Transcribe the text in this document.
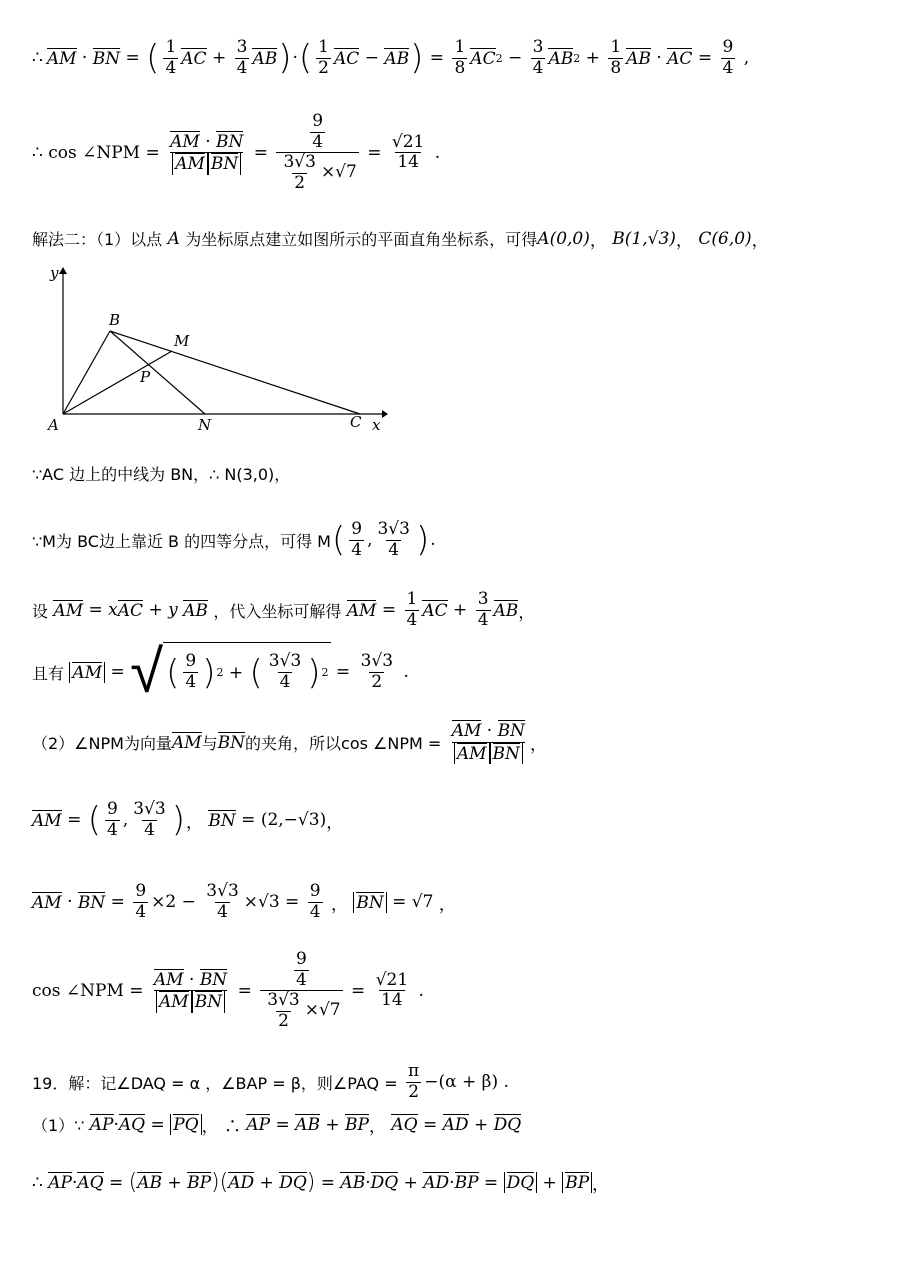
∴ AM · BN = ( $\frac{1}{4}$ AC + $\frac{3}{4}$ AB ) · ( $\frac{1}{2}$ AC − AB ) = $\frac{1}{8}$ AC $2 - \frac{3}{4}$ AB $2 + \frac{1}{8}$ AB · AC = $\frac{9}{4}$ ,
∴ cos ∠NPM =
$\frac{AM \cdot BN}{\text{AM BN}} = \frac{\frac{9}{4}}{\frac{3√3}{2} \times√7} = \frac{√21}{14}$ .
解法二：（1）以点 A 为坐标原点建立如图所示的平面直角坐标系，可得 A(0,0) ， B(1,√3) ， C(6,0) ，
y
x
A
B
C
M
N
P
∵AC 边上的中线为 BN，∴ N(3,0)，
∵M为 BC边上靠近 B 的四等分点，可得 M ( $\frac{9}{4}$ , $\frac{3√3}{4}$ ) .
设
AM = x AC + y
AB
，代入坐标可解得
AM = $\frac{1}{4}$ AC + $\frac{3}{4}$ AB ，
且有
AM = √ ( $\frac{9}{4}$ ) 2 + ( $\frac{3√3}{4}$ ) $2 = \frac{3√3}{2}$ .
（2）∠NPM为向量 AM 与 BN 的夹角，所以cos ∠NPM =
$\frac{AM \cdot BN}{\text{AM BN}}$ ，
AM = ( $\frac{9}{4}$ , $\frac{3√3}{4}$ ) ， BN = (2,−√3) ，
AM · BN = $\frac{9}{4} \times 2 - \frac{3√3}{4} \times√3 = \frac{9}{4}$ ， BN = √7 ，
cos ∠NPM =
$\frac{AM \cdot BN}{\text{AM BN}} = \frac{\frac{9}{4}}{\frac{3√3}{2} \times√7} = \frac{√21}{14}$ .
19．解：记∠DAQ = α ，∠BAP = β，则∠PAQ =
$\frac{\pi}{2} -(\alpha + \beta)$ .
（1）∵
AP · AQ = PQ ， ∴ AP = AB + BP ， AQ = AD + DQ
∴
AP · AQ = ( AB + BP ) ( AD + DQ ) = AB · DQ + AD · BP = DQ + BP ，
